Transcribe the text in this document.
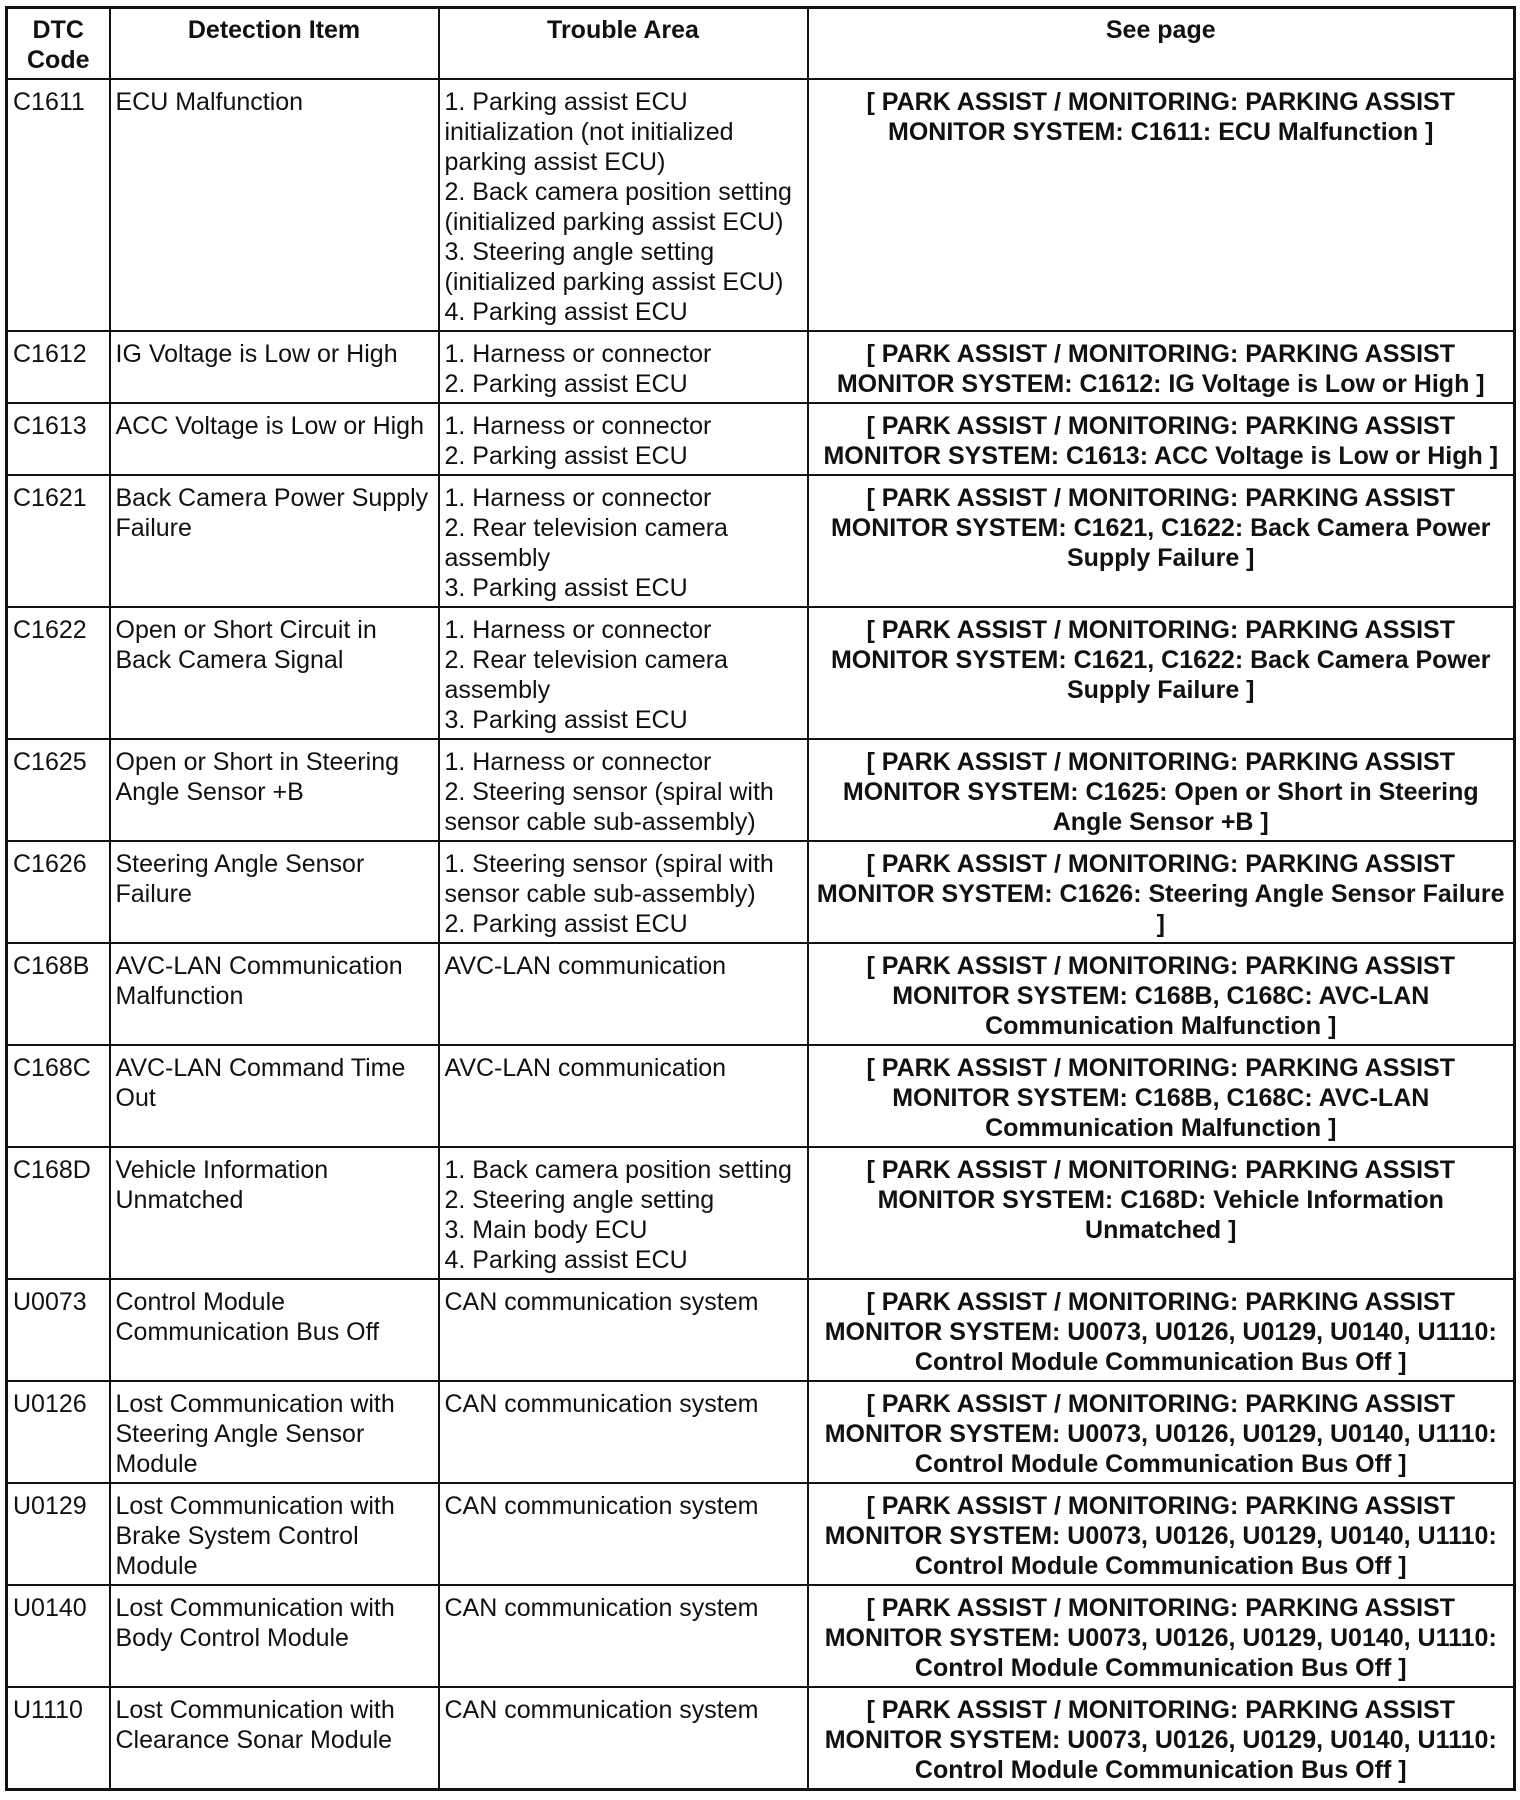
DTC Code	Detection Item	Trouble Area	See page
C1611	ECU Malfunction	1. Parking assist ECU initialization (not initialized parking assist ECU)
2. Back camera position setting (initialized parking assist ECU)
3. Steering angle setting (initialized parking assist ECU)
4. Parking assist ECU	[ PARK ASSIST / MONITORING: PARKING ASSIST MONITOR SYSTEM: C1611: ECU Malfunction ]
C1612	IG Voltage is Low or High	1. Harness or connector
2. Parking assist ECU	[ PARK ASSIST / MONITORING: PARKING ASSIST MONITOR SYSTEM: C1612: IG Voltage is Low or High ]
C1613	ACC Voltage is Low or High	1. Harness or connector
2. Parking assist ECU	[ PARK ASSIST / MONITORING: PARKING ASSIST MONITOR SYSTEM: C1613: ACC Voltage is Low or High ]
C1621	Back Camera Power Supply Failure	1. Harness or connector
2. Rear television camera assembly
3. Parking assist ECU	[ PARK ASSIST / MONITORING: PARKING ASSIST MONITOR SYSTEM: C1621, C1622: Back Camera Power Supply Failure ]
C1622	Open or Short Circuit in Back Camera Signal	1. Harness or connector
2. Rear television camera assembly
3. Parking assist ECU	[ PARK ASSIST / MONITORING: PARKING ASSIST MONITOR SYSTEM: C1621, C1622: Back Camera Power Supply Failure ]
C1625	Open or Short in Steering Angle Sensor +B	1. Harness or connector
2. Steering sensor (spiral with sensor cable sub-assembly)	[ PARK ASSIST / MONITORING: PARKING ASSIST MONITOR SYSTEM: C1625: Open or Short in Steering Angle Sensor +B ]
C1626	Steering Angle Sensor Failure	1. Steering sensor (spiral with sensor cable sub-assembly)
2. Parking assist ECU	[ PARK ASSIST / MONITORING: PARKING ASSIST MONITOR SYSTEM: C1626: Steering Angle Sensor Failure ]
C168B	AVC-LAN Communication Malfunction	AVC-LAN communication	[ PARK ASSIST / MONITORING: PARKING ASSIST MONITOR SYSTEM: C168B, C168C: AVC-LAN Communication Malfunction ]
C168C	AVC-LAN Command Time Out	AVC-LAN communication	[ PARK ASSIST / MONITORING: PARKING ASSIST MONITOR SYSTEM: C168B, C168C: AVC-LAN Communication Malfunction ]
C168D	Vehicle Information Unmatched	1. Back camera position setting
2. Steering angle setting
3. Main body ECU
4. Parking assist ECU	[ PARK ASSIST / MONITORING: PARKING ASSIST MONITOR SYSTEM: C168D: Vehicle Information Unmatched ]
U0073	Control Module Communication Bus Off	CAN communication system	[ PARK ASSIST / MONITORING: PARKING ASSIST MONITOR SYSTEM: U0073, U0126, U0129, U0140, U1110: Control Module Communication Bus Off ]
U0126	Lost Communication with Steering Angle Sensor Module	CAN communication system	[ PARK ASSIST / MONITORING: PARKING ASSIST MONITOR SYSTEM: U0073, U0126, U0129, U0140, U1110: Control Module Communication Bus Off ]
U0129	Lost Communication with Brake System Control Module	CAN communication system	[ PARK ASSIST / MONITORING: PARKING ASSIST MONITOR SYSTEM: U0073, U0126, U0129, U0140, U1110: Control Module Communication Bus Off ]
U0140	Lost Communication with Body Control Module	CAN communication system	[ PARK ASSIST / MONITORING: PARKING ASSIST MONITOR SYSTEM: U0073, U0126, U0129, U0140, U1110: Control Module Communication Bus Off ]
U1110	Lost Communication with Clearance Sonar Module	CAN communication system	[ PARK ASSIST / MONITORING: PARKING ASSIST MONITOR SYSTEM: U0073, U0126, U0129, U0140, U1110: Control Module Communication Bus Off ]
